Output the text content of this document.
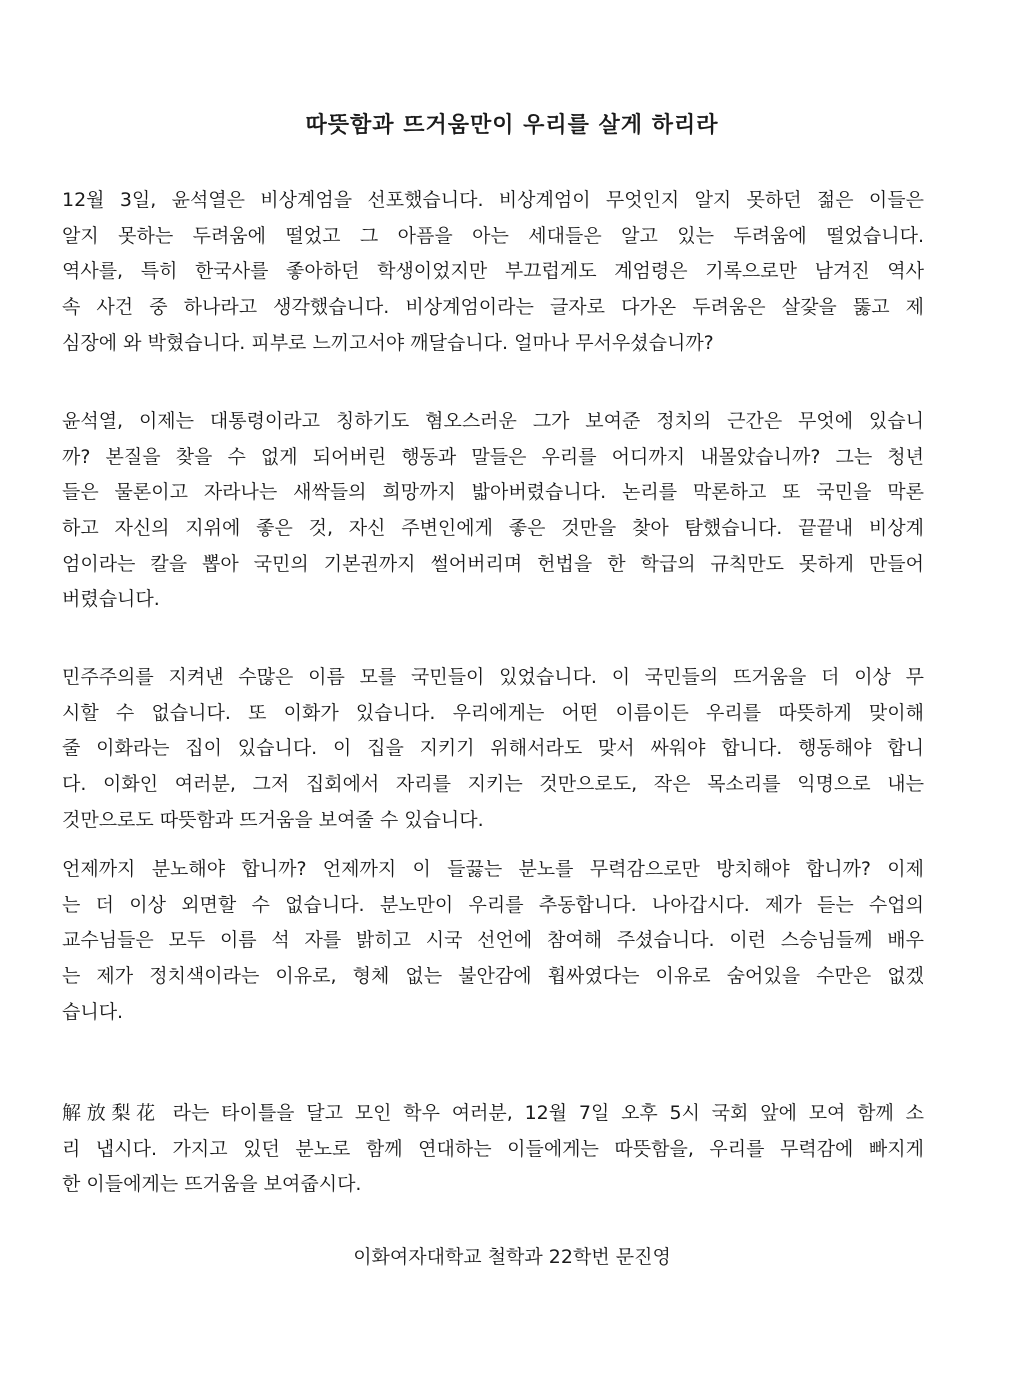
따뜻함과 뜨거움만이 우리를 살게 하리라
12월 3일, 윤석열은 비상계엄을 선포했습니다. 비상계엄이 무엇인지 알지 못하던 젊은 이들은
알지 못하는 두려움에 떨었고 그 아픔을 아는 세대들은 알고 있는 두려움에 떨었습니다.
역사를, 특히 한국사를 좋아하던 학생이었지만 부끄럽게도 계엄령은 기록으로만 남겨진 역사
속 사건 중 하나라고 생각했습니다. 비상계엄이라는 글자로 다가온 두려움은 살갗을 뚫고 제
심장에 와 박혔습니다. 피부로 느끼고서야 깨달습니다. 얼마나 무서우셨습니까?
윤석열, 이제는 대통령이라고 칭하기도 혐오스러운 그가 보여준 정치의 근간은 무엇에 있습니
까? 본질을 찾을 수 없게 되어버린 행동과 말들은 우리를 어디까지 내몰았습니까? 그는 청년
들은 물론이고 자라나는 새싹들의 희망까지 밟아버렸습니다. 논리를 막론하고 또 국민을 막론
하고 자신의 지위에 좋은 것, 자신 주변인에게 좋은 것만을 찾아 탐했습니다. 끝끝내 비상계
엄이라는 칼을 뽑아 국민의 기본권까지 썰어버리며 헌법을 한 학급의 규칙만도 못하게 만들어
버렸습니다.
민주주의를 지켜낸 수많은 이름 모를 국민들이 있었습니다. 이 국민들의 뜨거움을 더 이상 무
시할 수 없습니다. 또 이화가 있습니다. 우리에게는 어떤 이름이든 우리를 따뜻하게 맞이해
줄 이화라는 집이 있습니다. 이 집을 지키기 위해서라도 맞서 싸워야 합니다. 행동해야 합니
다. 이화인 여러분, 그저 집회에서 자리를 지키는 것만으로도, 작은 목소리를 익명으로 내는
것만으로도 따뜻함과 뜨거움을 보여줄 수 있습니다.
언제까지 분노해야 합니까? 언제까지 이 들끓는 분노를 무력감으로만 방치해야 합니까? 이제
는 더 이상 외면할 수 없습니다. 분노만이 우리를 추동합니다. 나아갑시다. 제가 듣는 수업의
교수님들은 모두 이름 석 자를 밝히고 시국 선언에 참여해 주셨습니다. 이런 스승님들께 배우
는 제가 정치색이라는 이유로, 형체 없는 불안감에 휩싸였다는 이유로 숨어있을 수만은 없겠
습니다.
解放梨花 라는 타이틀을 달고 모인 학우 여러분, 12월 7일 오후 5시 국회 앞에 모여 함께 소
리 냅시다. 가지고 있던 분노로 함께 연대하는 이들에게는 따뜻함을, 우리를 무력감에 빠지게
한 이들에게는 뜨거움을 보여줍시다.
이화여자대학교 철학과 22학번 문진영
